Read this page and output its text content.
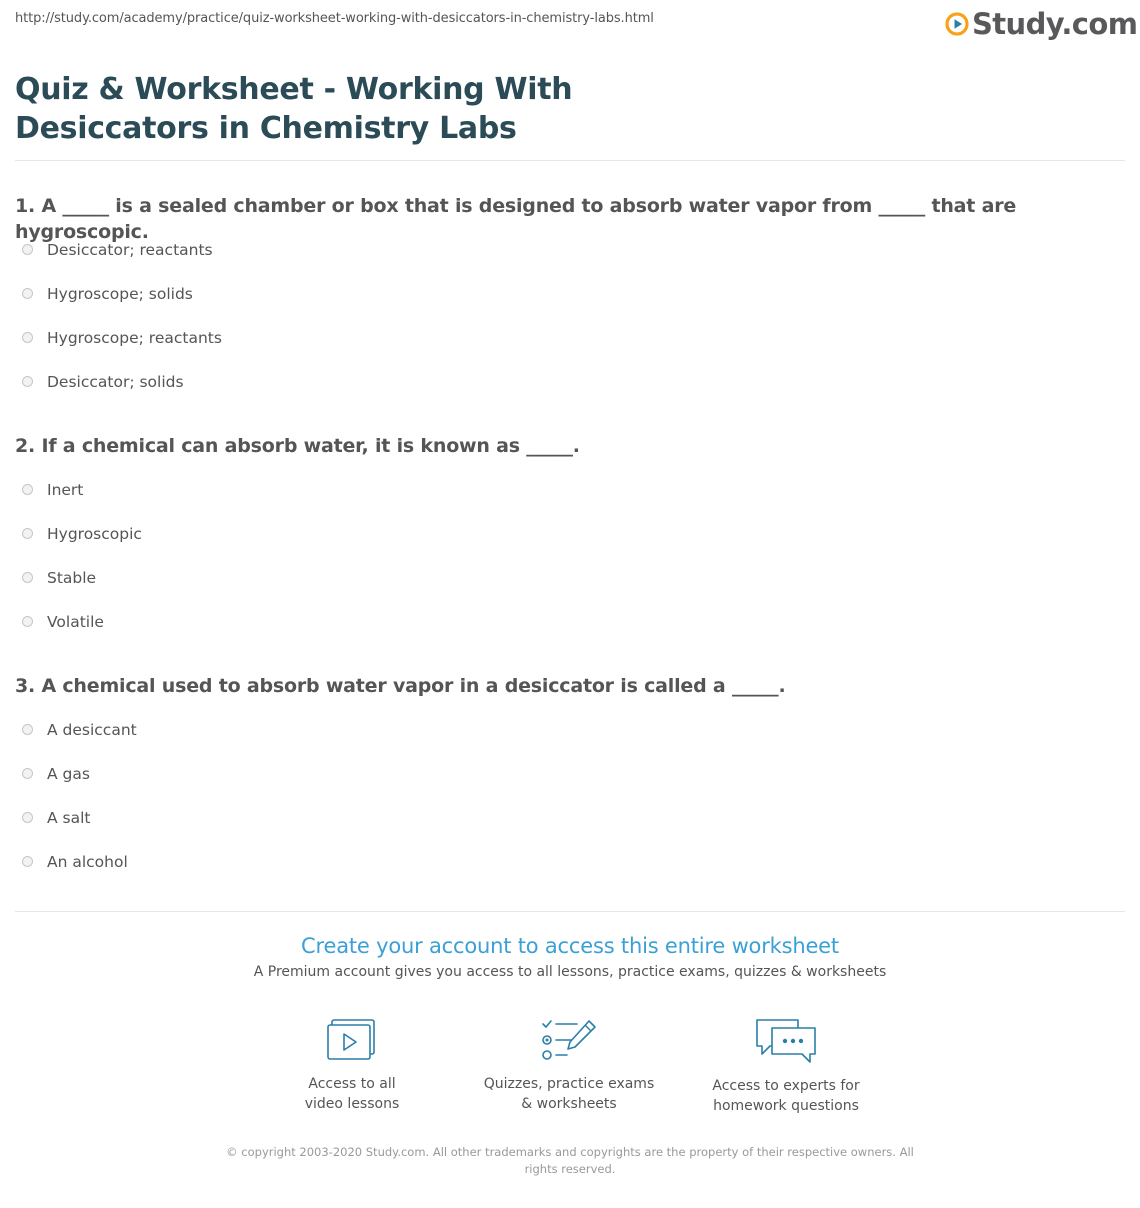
http://study.com/academy/practice/quiz-worksheet-working-with-desiccators-in-chemistry-labs.html	Study.com
Quiz & Worksheet - Working With Desiccators in Chemistry Labs
1. A _____ is a sealed chamber or box that is designed to absorb water vapor from _____ that are hygroscopic.
Desiccator; reactants
Hygroscope; solids
Hygroscope; reactants
Desiccator; solids
2. If a chemical can absorb water, it is known as _____.
Inert
Hygroscopic
Stable
Volatile
3. A chemical used to absorb water vapor in a desiccator is called a _____.
A desiccant
A gas
A salt
An alcohol
Create your account to access this entire worksheet

A Premium account gives you access to all lessons, practice exams, quizzes & worksheets

Access to all
video lessons
Quizzes, practice exams
& worksheets
Access to experts for
homework questions
© copyright 2003-2020 Study.com. All other trademarks and copyrights are the property of their respective owners. All rights reserved.
